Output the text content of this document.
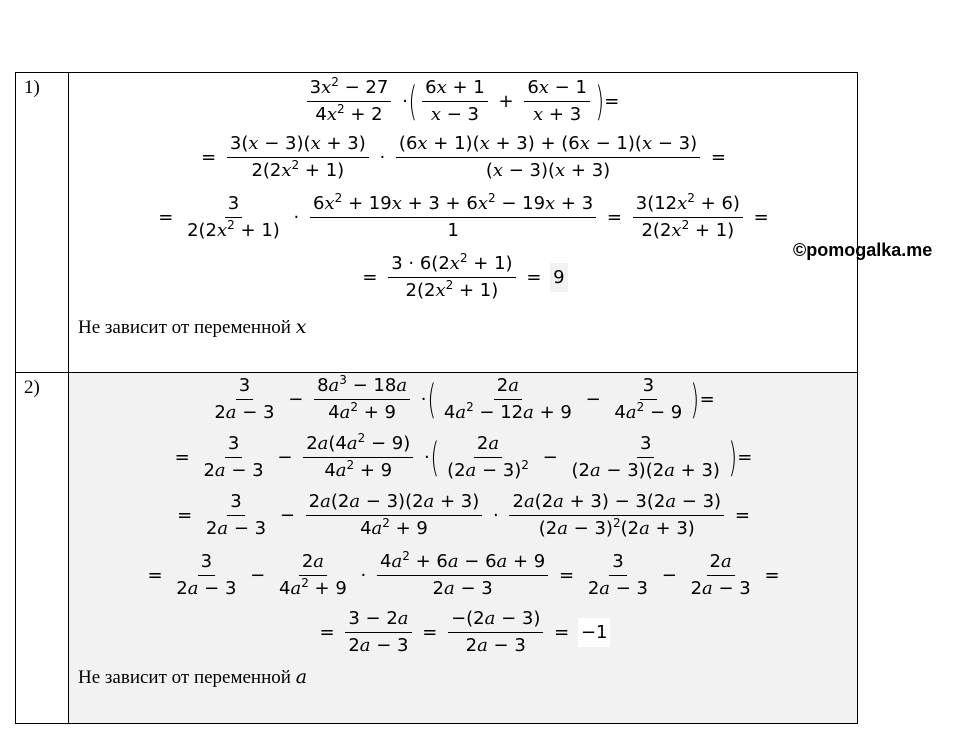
1)	$\frac{3x^2 - 27}{4x^2 + 2}$ ·( $\frac{6x + 1}{x - 3} + \frac{6x - 1}{x + 3}$ )=
= $\frac{3(x - 3)(x + 3)}{2(2x^2 + 1)} \cdot \frac{(6x + 1)(x + 3) + (6x - 1)(x - 3)}{(x - 3)(x + 3)}$ =
= $\frac{3}{2(2x^2 + 1)} \cdot \frac{6x^2 + 19x + 3 + 6x^2 - 19x + 3}{1} = \frac{3(12x^2 + 6)}{2(2x^2 + 1)}$ =
= $\frac{3 \cdot 6(2x^2 + 1)}{2(2x^2 + 1)} = 9$
Не зависит от переменной x
2)	$\frac{3}{2a - 3} - \frac{8a^3 - 18a}{4a^2 + 9}$ ·( $\frac{2a}{4a^2 - 12a + 9} - \frac{3}{4a^2 - 9}$ )=
= $\frac{3}{2a - 3} - \frac{2a(4a^2 - 9)}{4a^2 + 9}$ ·( $\frac{2a}{(2a - 3)^2} - \frac{3}{(2a - 3)(2a + 3)}$ )=
= $\frac{3}{2a - 3} - \frac{2a(2a - 3)(2a + 3)}{4a^2 + 9} \cdot \frac{2a(2a + 3) - 3(2a - 3)}{(2a - 3)^2(2a + 3)}$ =
= $\frac{3}{2a - 3} - \frac{2a}{4a^2 + 9} \cdot \frac{4a^2 + 6a - 6a + 9}{2a - 3} = \frac{3}{2a - 3} - \frac{2a}{2a - 3}$ =
= $\frac{3 - 2a}{2a - 3} = \frac{-(2a - 3)}{2a - 3} = -1$
Не зависит от переменной a
©pomogalka.me
